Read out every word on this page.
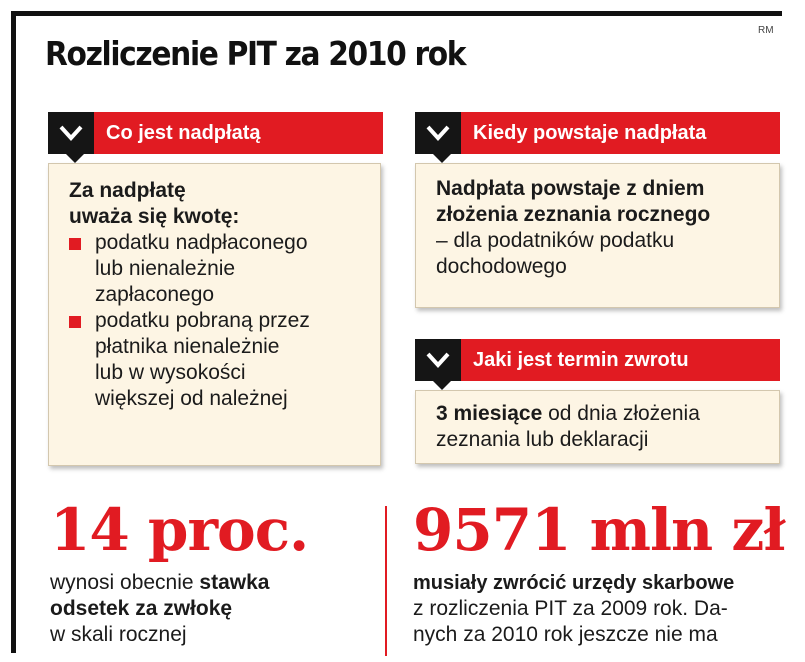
RM
Rozliczenie PIT za 2010 rok
Co jest nadpłatą

Za nadpłatę

uważa się kwotę:

podatku nadpłaconego
lub nienależnie
zapłaconego
podatku pobraną przez
płatnika nienależnie
lub w wysokości
większej od należnej
Kiedy powstaje nadpłata

Nadpłata powstaje z dniem

złożenia zeznania rocznego

– dla podatników podatku

dochodowego

Jaki jest termin zwrotu

3 miesiące od dnia złożenia

zeznania lub deklaracji

14 proc.
wynosi obecnie stawka
odsetek za zwłokę
w skali rocznej
9571 mln zł
musiały zwrócić urzędy skarbowe
z rozliczenia PIT za 2009 rok. Da-
nych za 2010 rok jeszcze nie ma
